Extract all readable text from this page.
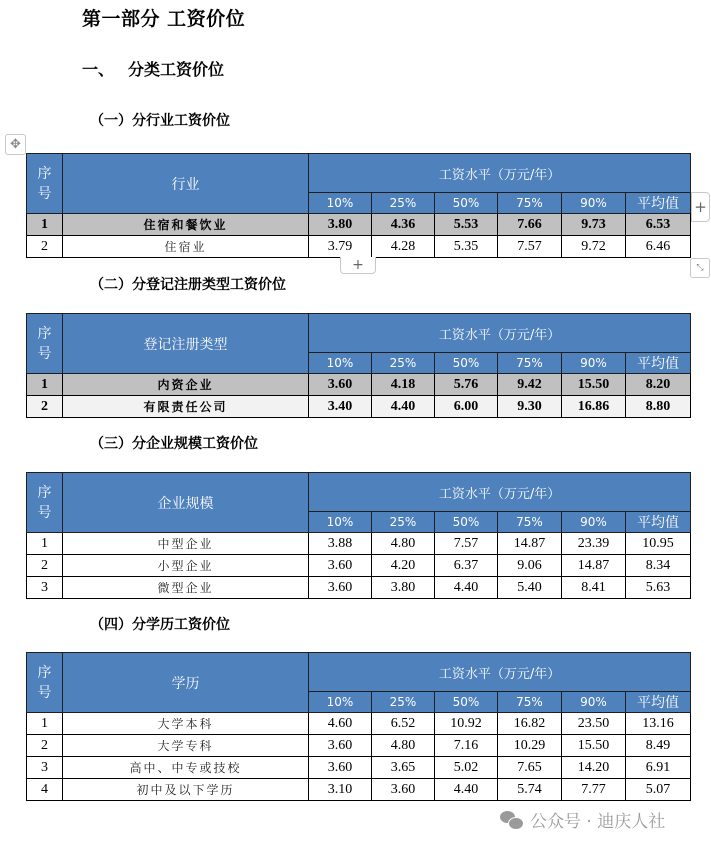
第一部分 工资价位
一、 分类工资价位
（一）分行业工资价位
（二）分登记注册类型工资价位
（三）分企业规模工资价位
（四）分学历工资价位
序
号	行业	工资水平（万元/年）					
		10%	25%	50%	75%	90%	平均值
1	住宿和餐饮业	3.80	4.36	5.53	7.66	9.73	6.53
2	住宿业	3.79	4.28	5.35	7.57	9.72	6.46
序
号	登记注册类型	工资水平（万元/年）					
		10%	25%	50%	75%	90%	平均值
1	内资企业	3.60	4.18	5.76	9.42	15.50	8.20
2	有限责任公司	3.40	4.40	6.00	9.30	16.86	8.80
序
号	企业规模	工资水平（万元/年）					
		10%	25%	50%	75%	90%	平均值
1	中型企业	3.88	4.80	7.57	14.87	23.39	10.95
2	小型企业	3.60	4.20	6.37	9.06	14.87	8.34
3	微型企业	3.60	3.80	4.40	5.40	8.41	5.63
序
号	学历	工资水平（万元/年）					
		10%	25%	50%	75%	90%	平均值
1	大学本科	4.60	6.52	10.92	16.82	23.50	13.16
2	大学专科	3.60	4.80	7.16	10.29	15.50	8.49
3	高中、中专或技校	3.60	3.65	5.02	7.65	14.20	6.91
4	初中及以下学历	3.10	3.60	4.40	5.74	7.77	5.07
✥
+
+	⤡
公众号 · 迪庆人社
